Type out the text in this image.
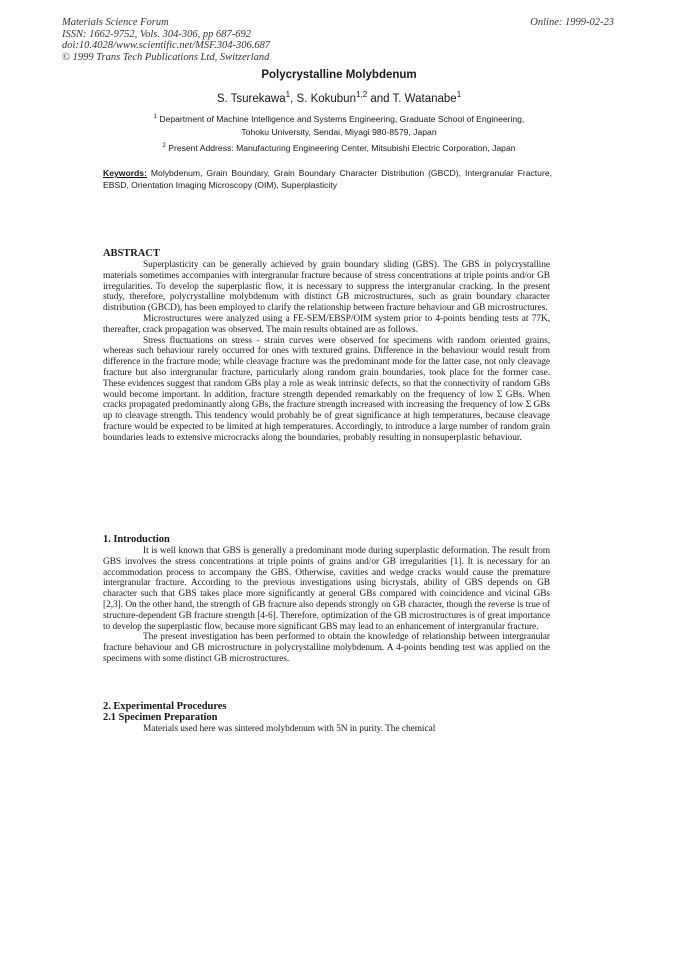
Materials Science Forum
ISSN: 1662-9752, Vols. 304-306, pp 687-692
doi:10.4028/www.scientific.net/MSF.304-306.687
© 1999 Trans Tech Publications Ltd, Switzerland
Online: 1999-02-23
Polycrystalline Molybdenum
S. Tsurekawa$^1$, S. Kokubun$^{1,2}$ and T. Watanabe$^1$
$^1$ Department of Machine Intelligence and Systems Engineering, Graduate School of Engineering,
Tohoku University, Sendai, Miyagi 980-8579, Japan
$^2$ Present Address: Manufacturing Engineering Center, Mitsubishi Electric Corporation, Japan
Keywords: Molybdenum, Grain Boundary, Grain Boundary Character Distribution (GBCD), Intergranular Fracture, EBSD, Orientation Imaging Microscopy (OIM), Superplasticity
ABSTRACT

Superplasticity can be generally achieved by grain boundary sliding (GBS). The GBS in polycrystalline materials sometimes accompanies with intergranular fracture because of stress concentrations at triple points and/or GB irregularities. To develop the superplastic flow, it is necessary to suppress the intergranular cracking. In the present study, therefore, polycrystalline molybdenum with distinct GB microstructures, such as grain boundary character distribution (GBCD), has been employed to clarify the relationship between fracture behaviour and GB microstructures.

Microstructures were analyzed using a FE-SEM/EBSP/OIM system prior to 4-points bending tests at 77K, thereafter, crack propagation was observed. The main results obtained are as follows.

Stress fluctuations on stress - strain curves were observed for specimens with random oriented grains, whereas such behaviour rarely occurred for ones with textured grains. Difference in the behaviour would result from difference in the fracture mode; while cleavage fracture was the predominant mode for the latter case, not only cleavage fracture but also intergranular fracture, particularly along random grain boundaries, took place for the former case. These evidences suggest that random GBs play a role as weak intrinsic defects, so that the connectivity of random GBs would become important. In addition, fracture strength depended remarkably on the frequency of low Σ GBs. When cracks propagated predominantly along GBs, the fracture strength increased with increasing the frequency of low Σ GBs up to cleavage strength. This tendency would probably be of great significance at high temperatures, because cleavage fracture would be expected to be limited at high temperatures. Accordingly, to introduce a large number of random grain boundaries leads to extensive microcracks along the boundaries, probably resulting in nonsuperplastic behaviour.

1. Introduction

It is well known that GBS is generally a predominant mode during superplastic deformation. The result from GBS involves the stress concentrations at triple points of grains and/or GB irregularities [1]. It is necessary for an accommodation process to accompany the GBS. Otherwise, cavities and wedge cracks would cause the premature intergranular fracture. According to the previous investigations using bicrystals, ability of GBS depends on GB character such that GBS takes place more significantly at general GBs compared with coincidence and vicinal GBs [2,3]. On the other hand, the strength of GB fracture also depends strongly on GB character, though the reverse is true of structure-dependent GB fracture strength [4-6]. Therefore, optimization of the GB microstructures is of great importance to develop the superplastic flow, because more significant GBS may lead to an enhancement of intergranular fracture.

The present investigation has been performed to obtain the knowledge of relationship between intergranular fracture behaviour and GB microstructure in polycrystalline molybdenum. A 4-points bending test was applied on the specimens with some distinct GB microstructures.

2. Experimental Procedures
2.1 Specimen Preparation

Materials used here was sintered molybdenum with 5N in purity. The chemical
